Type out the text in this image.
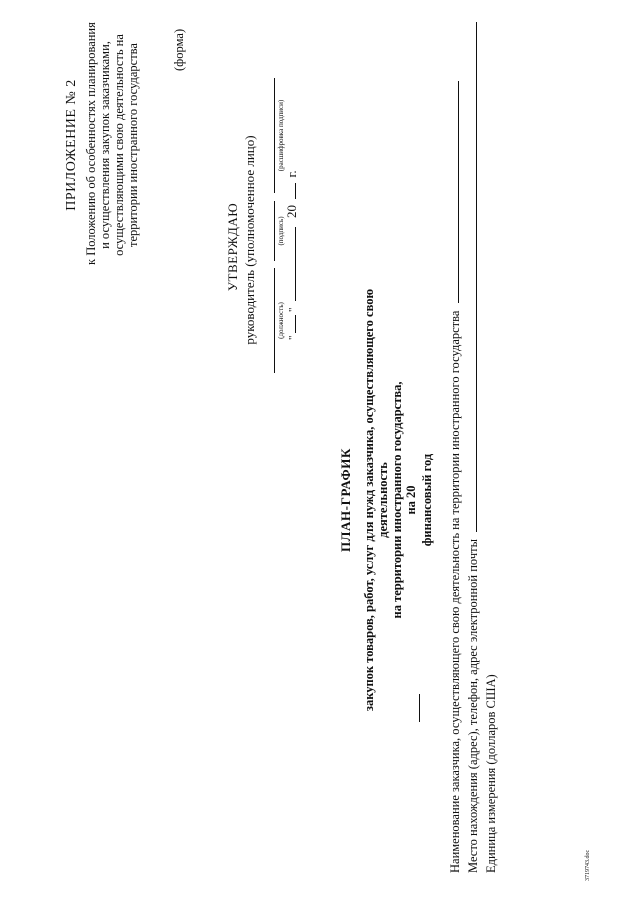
ПРИЛОЖЕНИЕ № 2 к Положению об особенностях планирования и осуществления закупок заказчиками, осуществляющими свою деятельность на территории иностранного государства	(форма)
УТВЕРЖДАЮ руководитель (уполномоченное лицо)	(должность)
(подпись)
(расшифровка подписи)
"  "  20  г.
ПЛАН-ГРАФИК закупок товаров, работ, услуг для нужд заказчика, осуществляющего свою деятельность на территории иностранного государства, на 20 финансовый год Наименование заказчика, осуществляющего свою деятельность на территории иностранного государства Место нахождения (адрес), телефон, адрес электронной почты Единица измерения (долларов США)	3719743.doc
